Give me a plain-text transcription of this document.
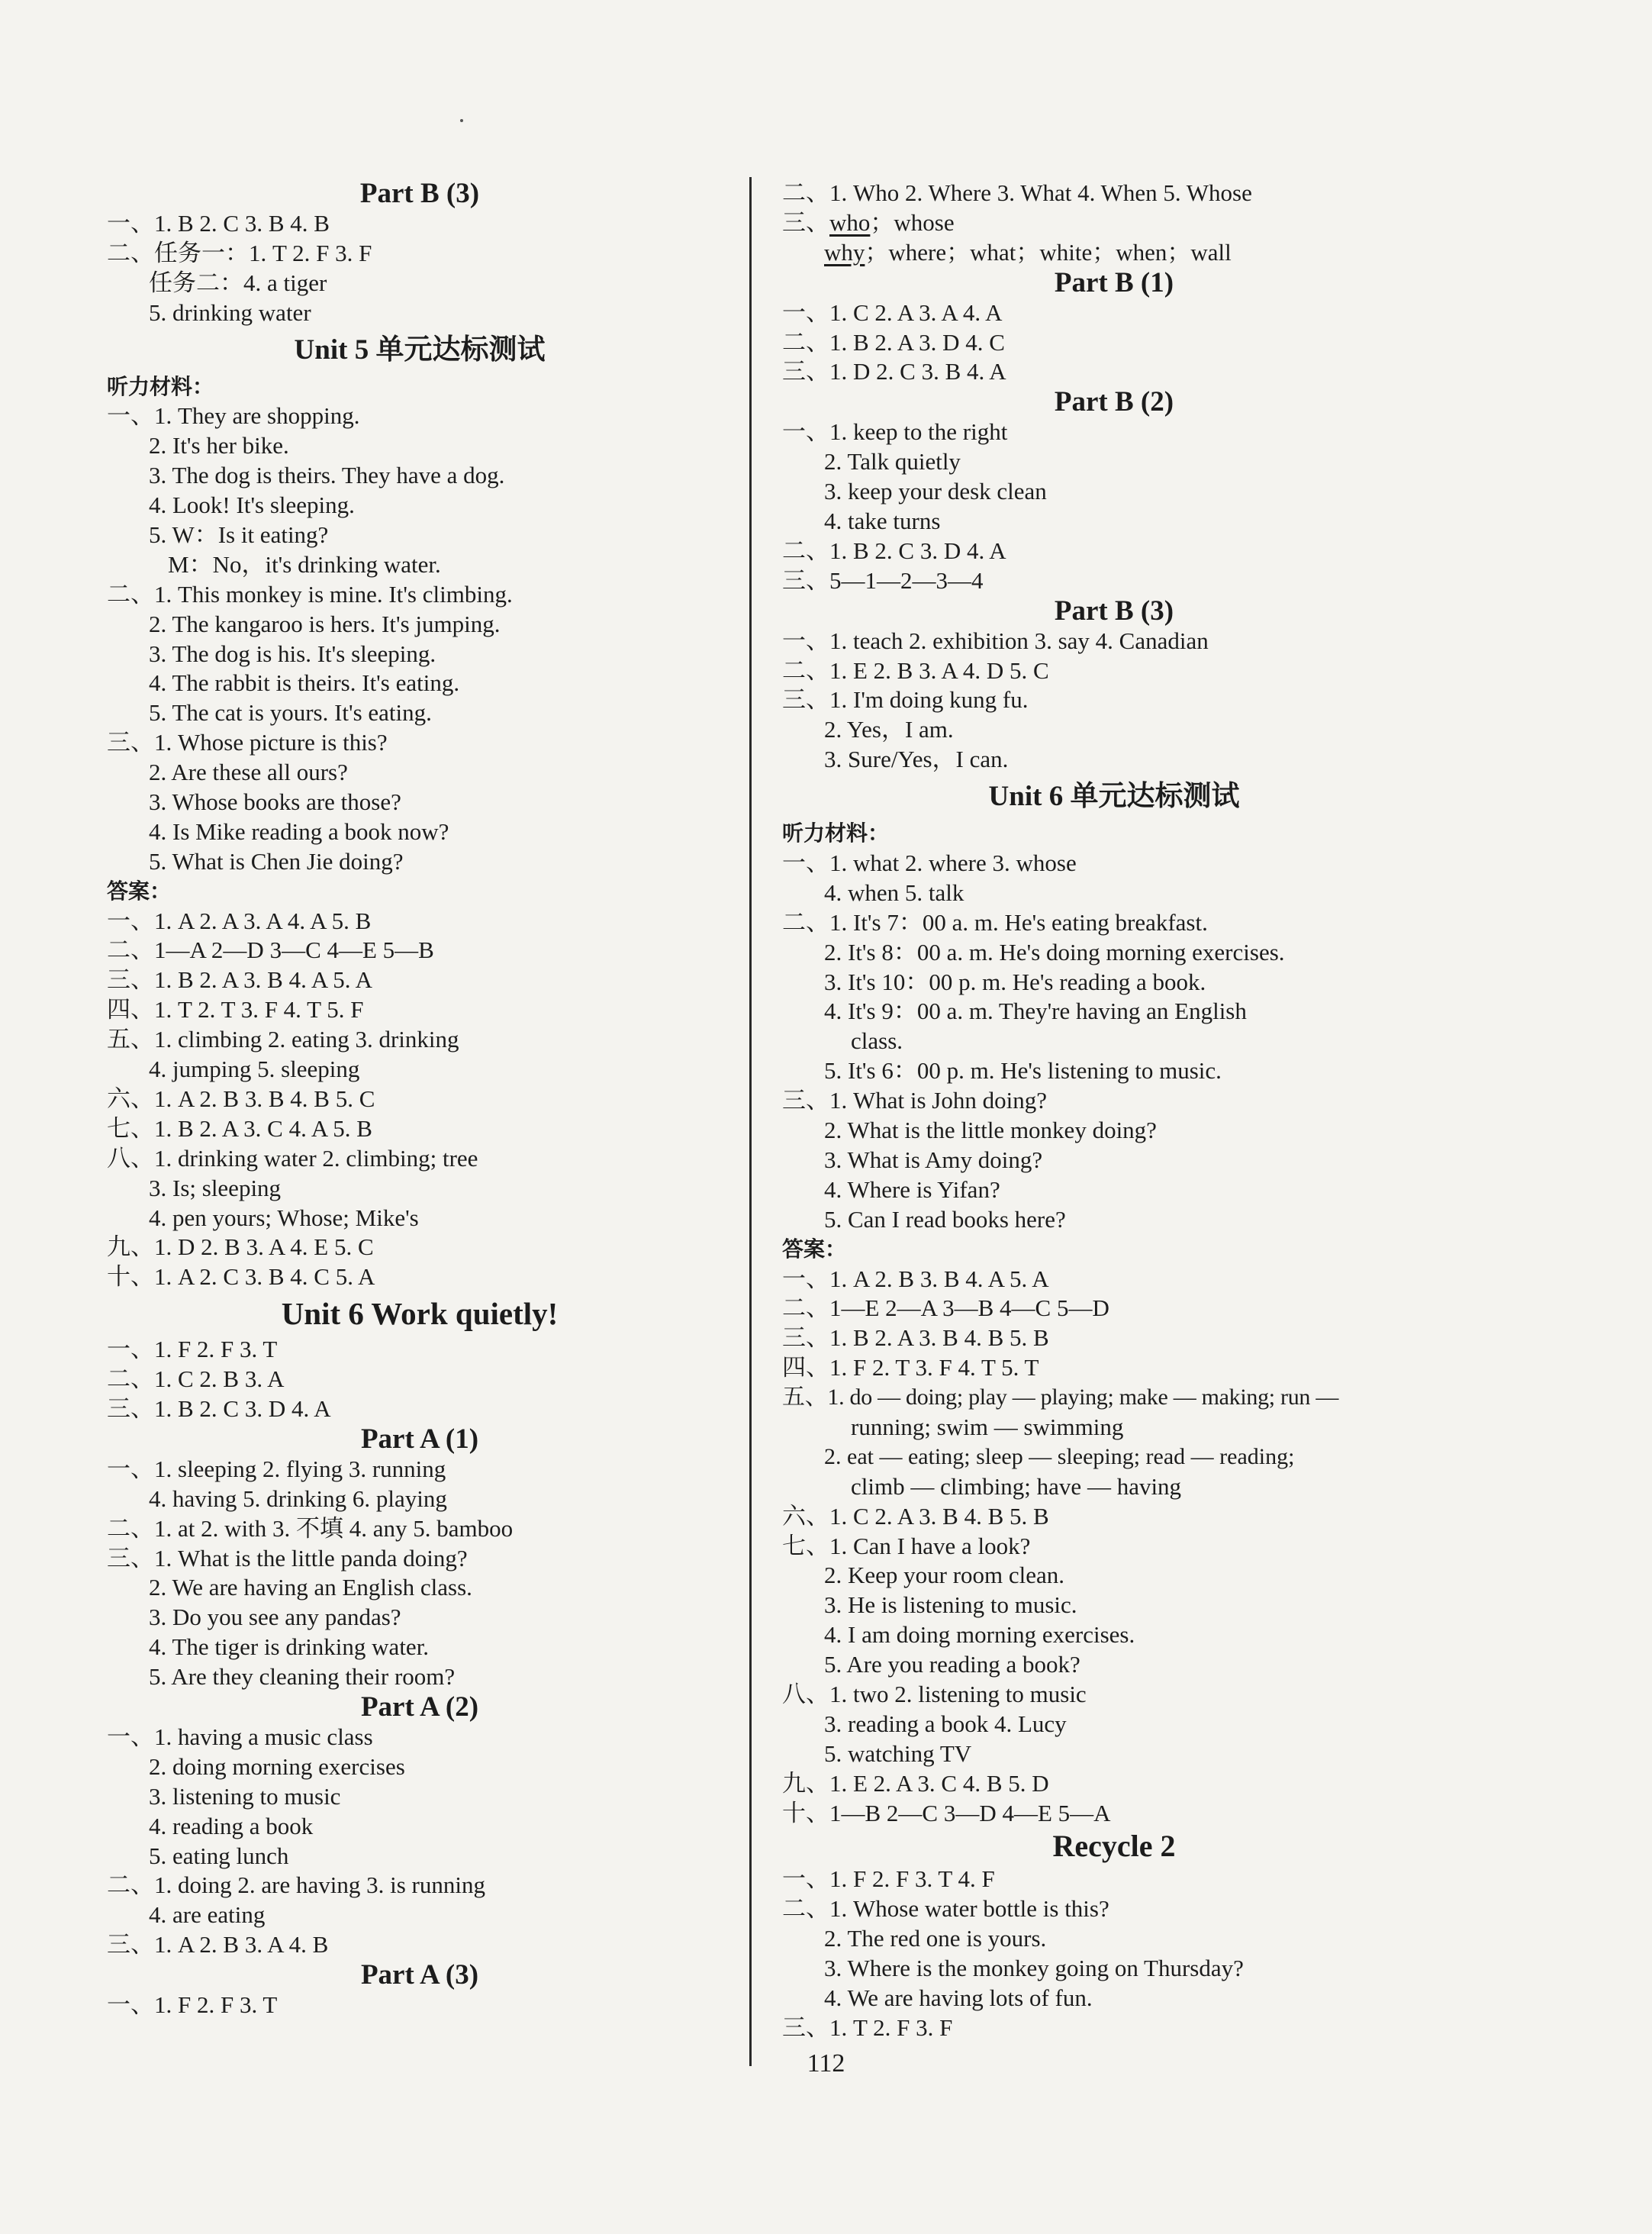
Part B (3)
一、1. B 2. C 3. B 4. B
二、任务一：1. T 2. F 3. F
任务二：4. a tiger
5. drinking water
Unit 5 单元达标测试
听力材料：
一、1. They are shopping.
2. It's her bike.
3. The dog is theirs. They have a dog.
4. Look! It's sleeping.
5. W：Is it eating?
M：No，it's drinking water.
二、1. This monkey is mine. It's climbing.
2. The kangaroo is hers. It's jumping.
3. The dog is his. It's sleeping.
4. The rabbit is theirs. It's eating.
5. The cat is yours. It's eating.
三、1. Whose picture is this?
2. Are these all ours?
3. Whose books are those?
4. Is Mike reading a book now?
5. What is Chen Jie doing?
答案：
一、1. A 2. A 3. A 4. A 5. B
二、1—A 2—D 3—C 4—E 5—B
三、1. B 2. A 3. B 4. A 5. A
四、1. T 2. T 3. F 4. T 5. F
五、1. climbing 2. eating 3. drinking
4. jumping 5. sleeping
六、1. A 2. B 3. B 4. B 5. C
七、1. B 2. A 3. C 4. A 5. B
八、1. drinking water 2. climbing; tree
3. Is; sleeping
4. pen yours; Whose; Mike's
九、1. D 2. B 3. A 4. E 5. C
十、1. A 2. C 3. B 4. C 5. A
Unit 6 Work quietly!
一、1. F 2. F 3. T
二、1. C 2. B 3. A
三、1. B 2. C 3. D 4. A
Part A (1)
一、1. sleeping 2. flying 3. running
4. having 5. drinking 6. playing
二、1. at 2. with 3. 不填 4. any 5. bamboo
三、1. What is the little panda doing?
2. We are having an English class.
3. Do you see any pandas?
4. The tiger is drinking water.
5. Are they cleaning their room?
Part A (2)
一、1. having a music class
2. doing morning exercises
3. listening to music
4. reading a book
5. eating lunch
二、1. doing 2. are having 3. is running
4. are eating
三、1. A 2. B 3. A 4. B
Part A (3)
一、1. F 2. F 3. T
二、1. Who 2. Where 3. What 4. When 5. Whose
三、who；whose
why；where；what；white；when；wall
Part B (1)
一、1. C 2. A 3. A 4. A
二、1. B 2. A 3. D 4. C
三、1. D 2. C 3. B 4. A
Part B (2)
一、1. keep to the right
2. Talk quietly
3. keep your desk clean
4. take turns
二、1. B 2. C 3. D 4. A
三、5—1—2—3—4
Part B (3)
一、1. teach 2. exhibition 3. say 4. Canadian
二、1. E 2. B 3. A 4. D 5. C
三、1. I'm doing kung fu.
2. Yes，I am.
3. Sure/Yes，I can.
Unit 6 单元达标测试
听力材料：
一、1. what 2. where 3. whose
4. when 5. talk
二、1. It's 7：00 a. m. He's eating breakfast.
2. It's 8：00 a. m. He's doing morning exercises.
3. It's 10：00 p. m. He's reading a book.
4. It's 9：00 a. m. They're having an English
class.
5. It's 6：00 p. m. He's listening to music.
三、1. What is John doing?
2. What is the little monkey doing?
3. What is Amy doing?
4. Where is Yifan?
5. Can I read books here?
答案：
一、1. A 2. B 3. B 4. A 5. A
二、1—E 2—A 3—B 4—C 5—D
三、1. B 2. A 3. B 4. B 5. B
四、1. F 2. T 3. F 4. T 5. T
五、1. do — doing; play — playing; make — making; run —
running; swim — swimming
2. eat — eating; sleep — sleeping; read — reading;
climb — climbing; have — having
六、1. C 2. A 3. B 4. B 5. B
七、1. Can I have a look?
2. Keep your room clean.
3. He is listening to music.
4. I am doing morning exercises.
5. Are you reading a book?
八、1. two 2. listening to music
3. reading a book 4. Lucy
5. watching TV
九、1. E 2. A 3. C 4. B 5. D
十、1—B 2—C 3—D 4—E 5—A
Recycle 2
一、1. F 2. F 3. T 4. F
二、1. Whose water bottle is this?
2. The red one is yours.
3. Where is the monkey going on Thursday?
4. We are having lots of fun.
三、1. T 2. F 3. F
112
